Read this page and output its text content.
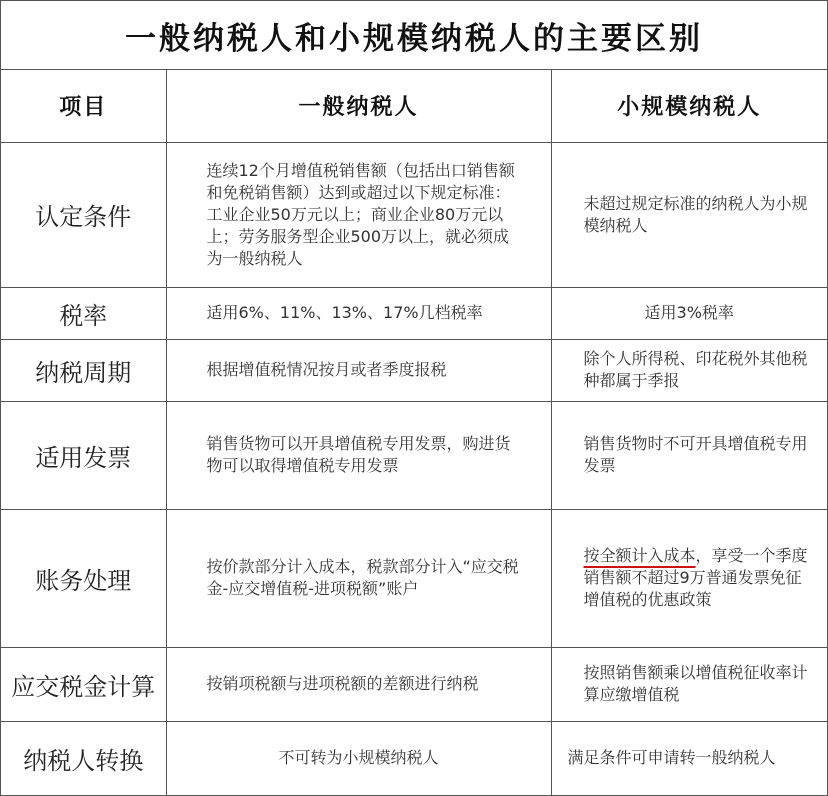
一般纳税人和小规模纳税人的主要区别
项目	一般纳税人	小规模纳税人
认定条件	连续12个月增值税销售额（包括出口销售额和免税销售额）达到或超过以下规定标准：工业企业50万元以上；商业企业80万元以上；劳务服务型企业500万以上，就必须成为一般纳税人	未超过规定标准的纳税人为小规模纳税人

税率	适用6%、11%、13%、17%几档税率	适用3%税率

纳税周期	根据增值税情况按月或者季度报税	除个人所得税、印花税外其他税种都属于季报

适用发票	销售货物可以开具增值税专用发票，购进货物可以取得增值税专用发票	销售货物时不可开具增值税专用发票

账务处理	按价款部分计入成本，税款部分计入“应交税金-应交增值税-进项税额”账户	按全额计入成本，享受一个季度销售额不超过9万普通发票免征增值税的优惠政策

应交税金计算	按销项税额与进项税额的差额进行纳税	按照销售额乘以增值税征收率计算应缴增值税

纳税人转换	不可转为小规模纳税人	满足条件可申请转一般纳税人
